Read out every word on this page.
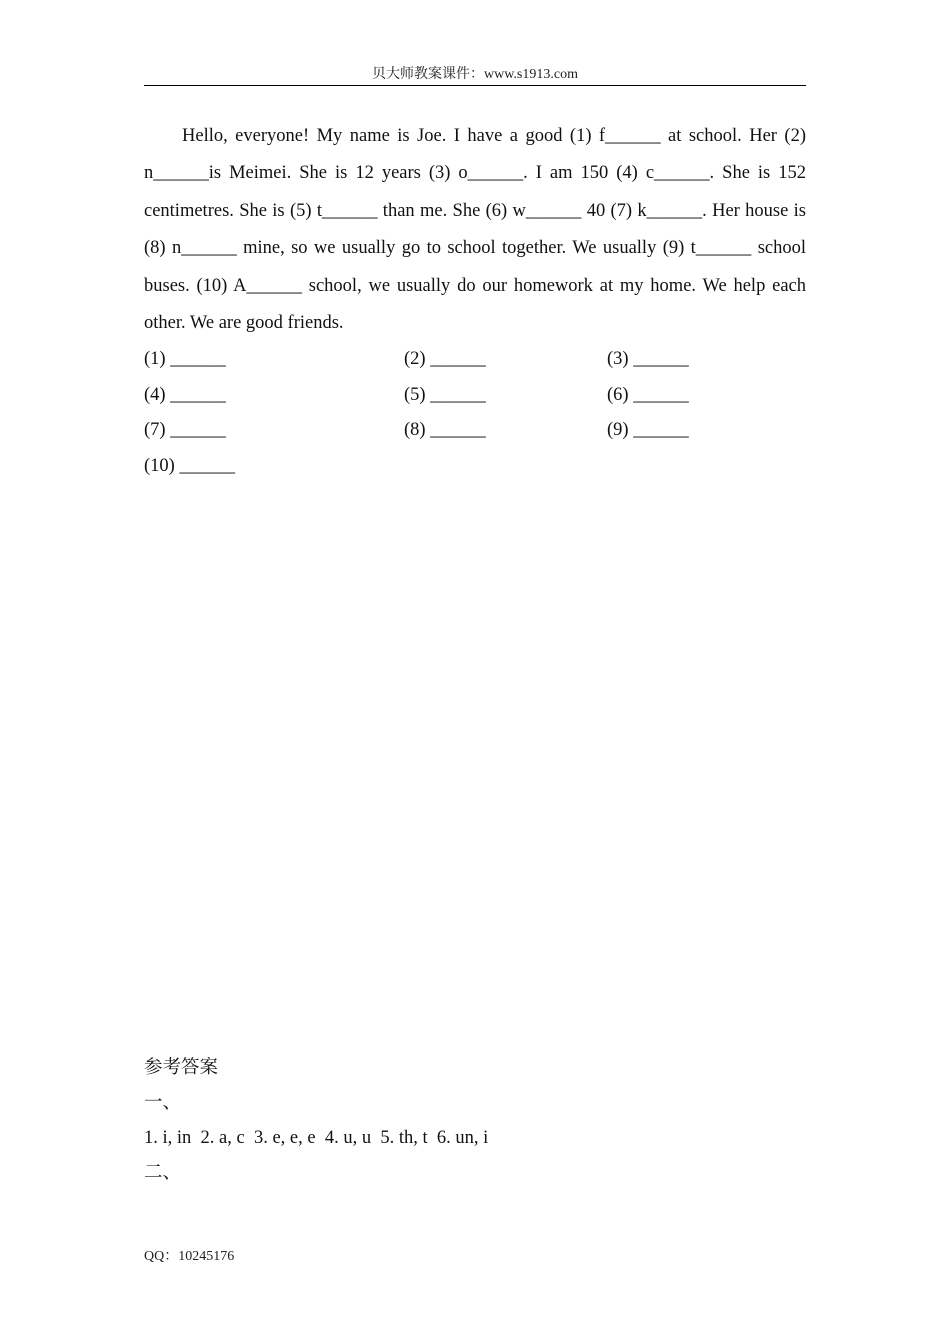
贝大师教案课件：www.s1913.com

Hello, everyone! My name is Joe. I have a good (1) f______ at school. Her (2) n______is Meimei. She is 12 years (3) o______. I am 150 (4) c______. She is 152 centimetres. She is (5) t______ than me. She (6) w______ 40 (7) k______. Her house is (8) n______ mine, so we usually go to school together. We usually (9) t______ school buses. (10) A______ school, we usually do our homework at my home. We help each other. We are good friends.

(1) ______	(2) ______	(3) ______
(4) ______	(5) ______	(6) ______
(7) ______	(8) ______	(9) ______
(10) ______
参考答案
一、
1. i, in  2. a, c  3. e, e, e  4. u, u  5. th, t  6. un, i
二、
QQ：10245176
